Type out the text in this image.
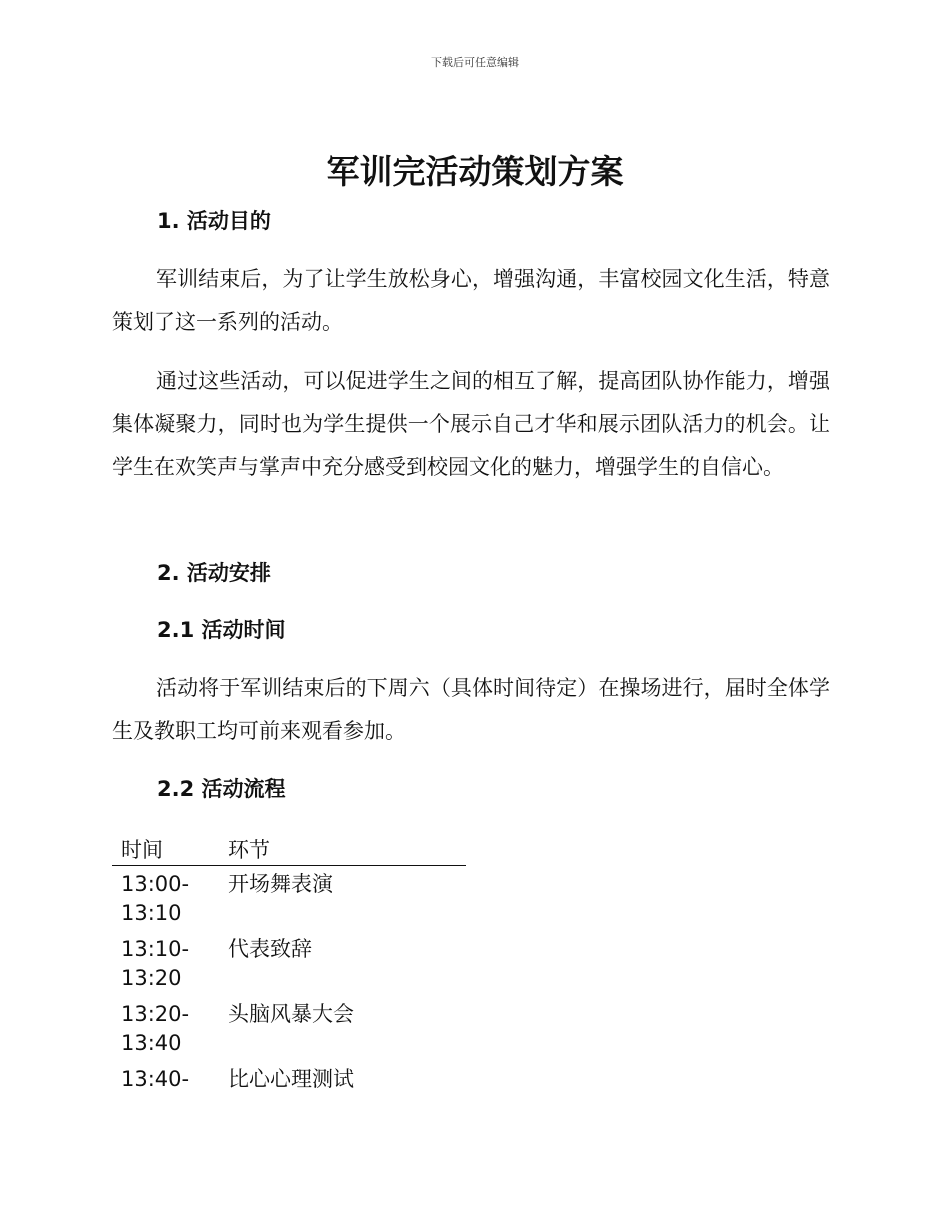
下载后可任意编辑
军训完活动策划方案
1. 活动目的

军训结束后，为了让学生放松身心，增强沟通，丰富校园文化生活，特意策划了这一系列的活动。

通过这些活动，可以促进学生之间的相互了解，提高团队协作能力，增强集体凝聚力，同时也为学生提供一个展示自己才华和展示团队活力的机会。让学生在欢笑声与掌声中充分感受到校园文化的魅力，增强学生的自信心。

2. 活动安排
2.1 活动时间

活动将于军训结束后的下周六（具体时间待定）在操场进行，届时全体学生及教职工均可前来观看参加。

2.2 活动流程
时间	环节
13:00-13:10
开场舞表演
13:10-13:20
代表致辞
13:20-13:40
头脑风暴大会
13:40-	比心心理测试
